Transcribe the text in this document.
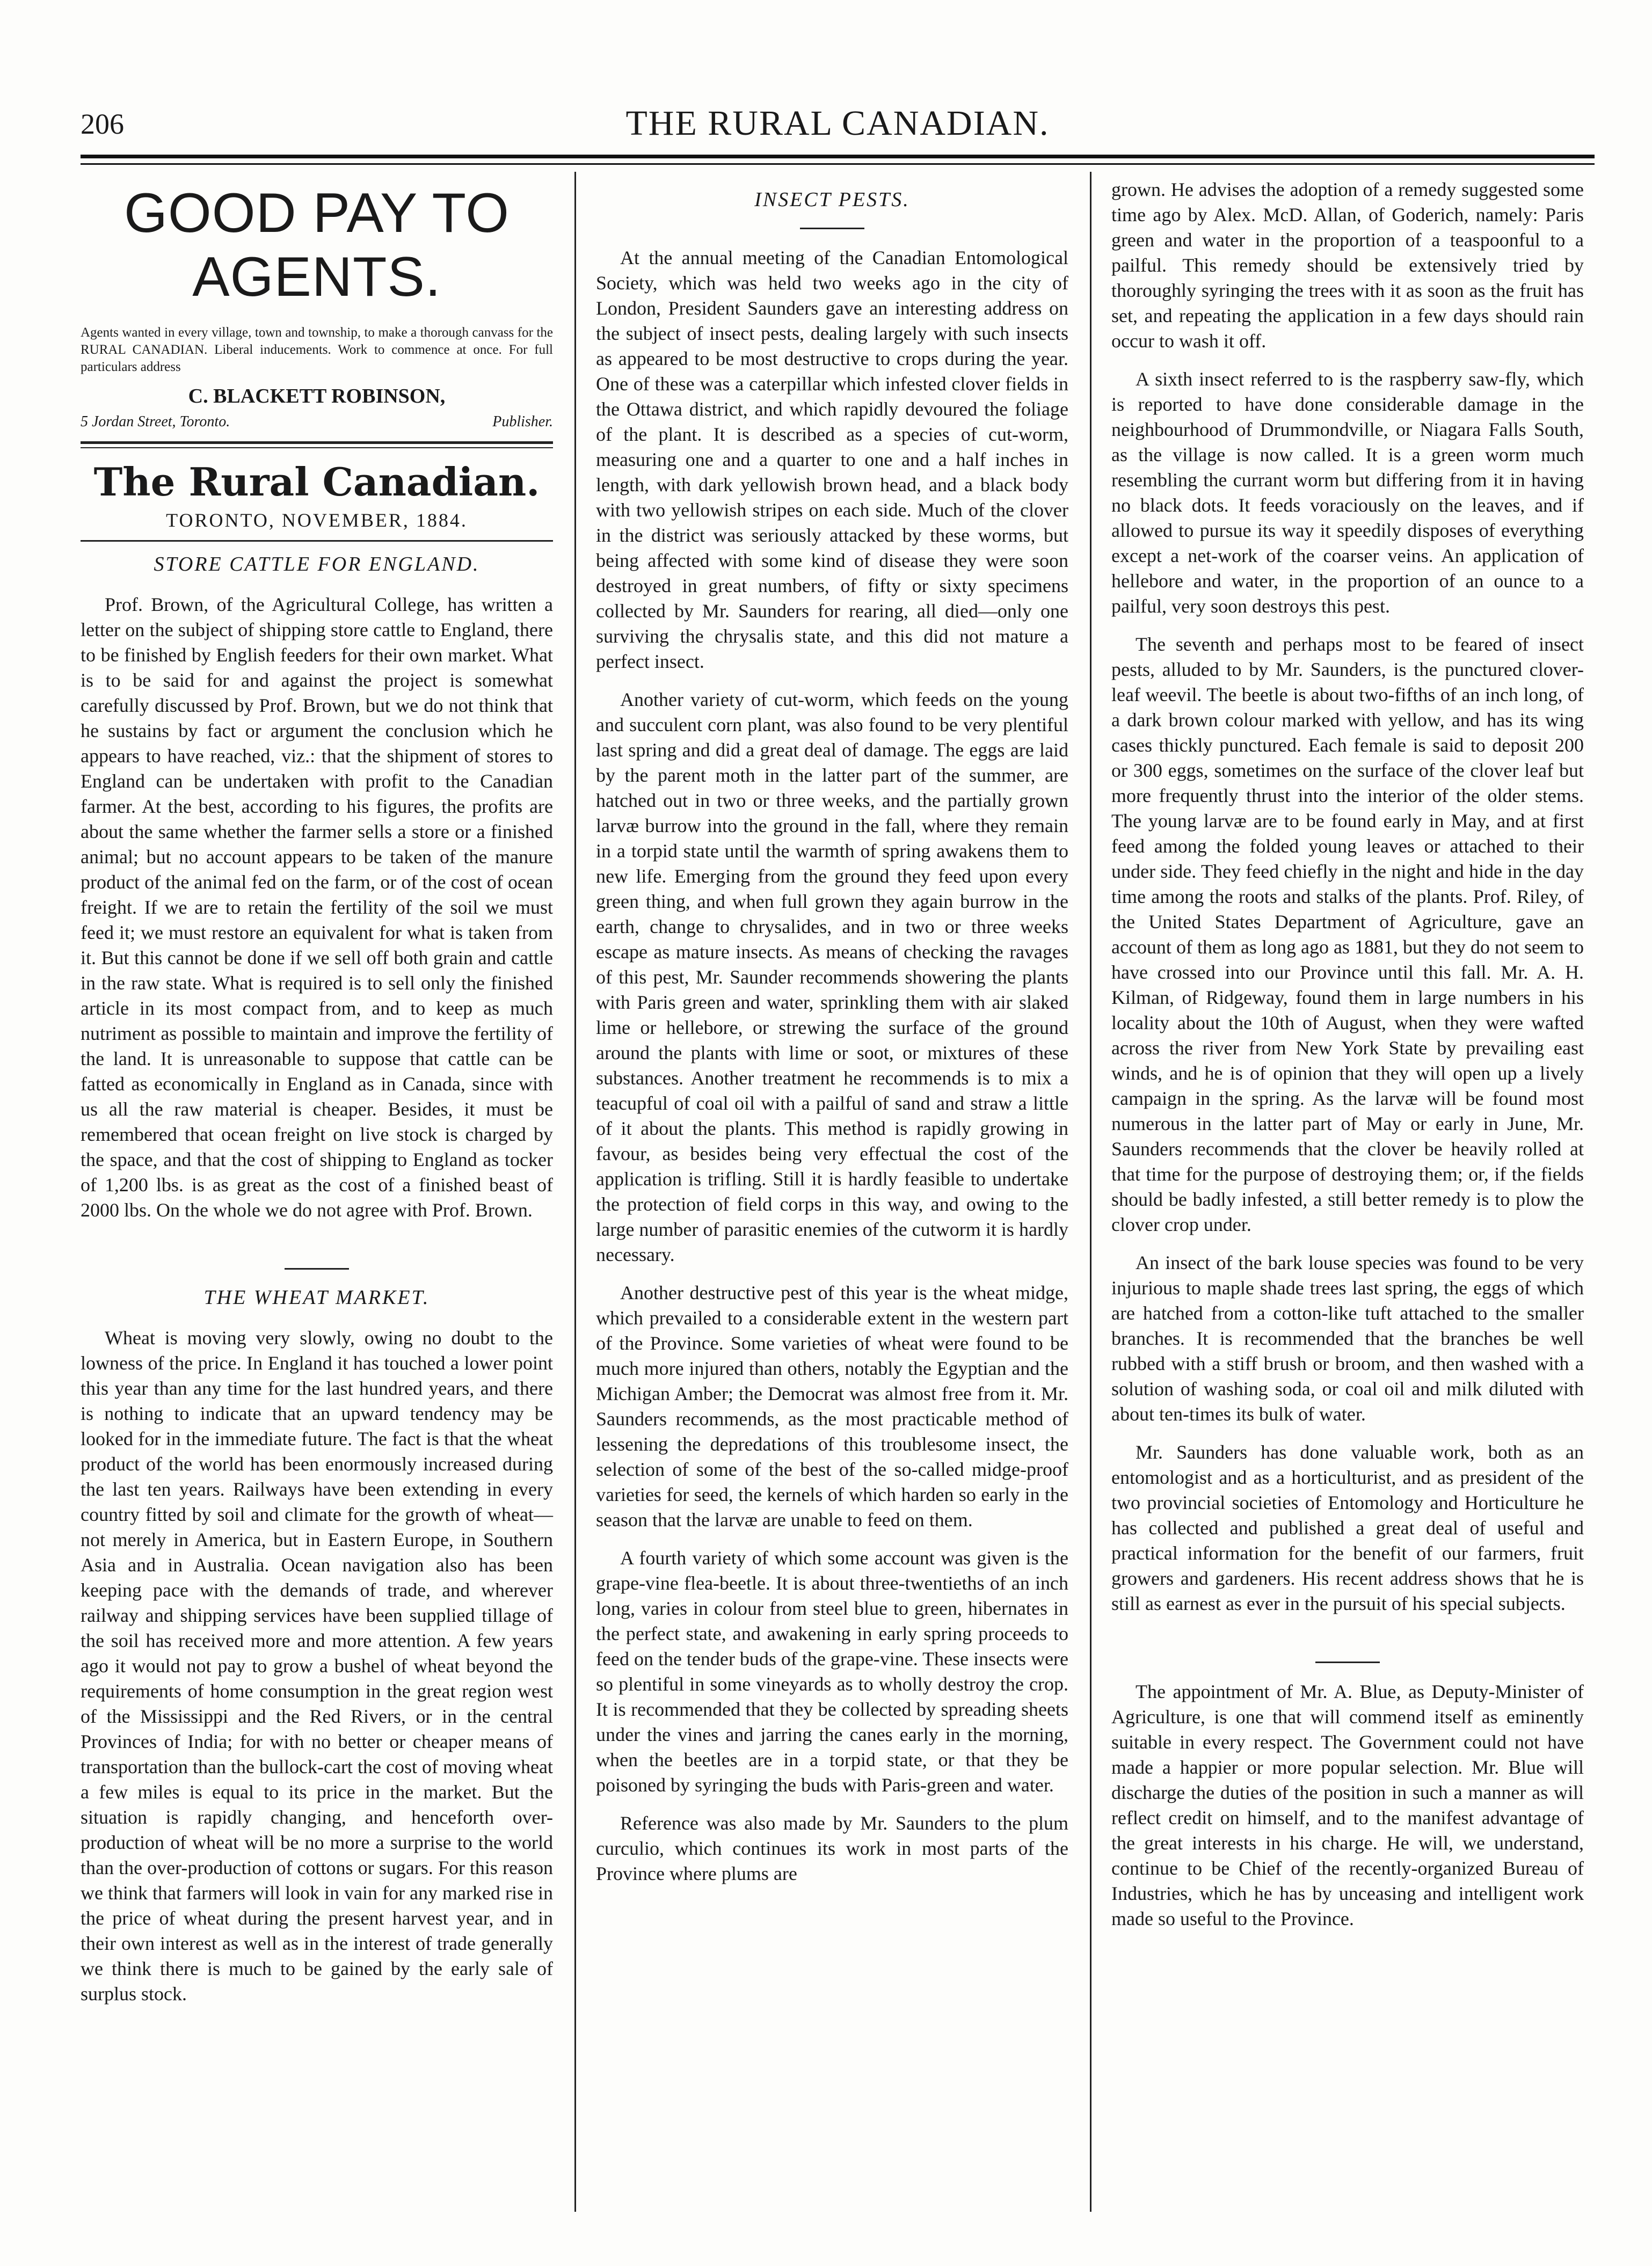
206	THE RURAL CANADIAN.
GOOD PAY TO AGENTS.

Agents wanted in every village, town and township, to make a thorough canvass for the RURAL CANADIAN. Liberal inducements. Work to commence at once. For full particulars address

C. BLACKETT ROBINSON,
5 Jordan Street, Toronto.	Publisher.
The Rural Canadian.
TORONTO, NOVEMBER, 1884.
STORE CATTLE FOR ENGLAND.

Prof. Brown, of the Agricultural College, has written a letter on the subject of shipping store cattle to England, there to be finished by English feeders for their own market. What is to be said for and against the project is somewhat carefully discussed by Prof. Brown, but we do not think that he sustains by fact or argument the conclusion which he appears to have reached, viz.: that the shipment of stores to England can be undertaken with profit to the Canadian farmer. At the best, according to his figures, the profits are about the same whether the farmer sells a store or a finished animal; but no account appears to be taken of the manure product of the animal fed on the farm, or of the cost of ocean freight. If we are to retain the fertility of the soil we must feed it; we must restore an equivalent for what is taken from it. But this cannot be done if we sell off both grain and cattle in the raw state. What is required is to sell only the finished article in its most compact from, and to keep as much nutriment as possible to maintain and improve the fertility of the land. It is unreasonable to suppose that cattle can be fatted as economically in England as in Canada, since with us all the raw material is cheaper. Besides, it must be remembered that ocean freight on live stock is charged by the space, and that the cost of shipping to England as tocker of 1,200 lbs. is as great as the cost of a finished beast of 2000 lbs. On the whole we do not agree with Prof. Brown.

THE WHEAT MARKET.

Wheat is moving very slowly, owing no doubt to the lowness of the price. In England it has touched a lower point this year than any time for the last hundred years, and there is nothing to indicate that an upward tendency may be looked for in the immediate future. The fact is that the wheat product of the world has been enormously increased during the last ten years. Railways have been extending in every country fitted by soil and climate for the growth of wheat—not merely in America, but in Eastern Europe, in Southern Asia and in Australia. Ocean navigation also has been keeping pace with the demands of trade, and wherever railway and shipping services have been supplied tillage of the soil has received more and more attention. A few years ago it would not pay to grow a bushel of wheat beyond the requirements of home consumption in the great region west of the Mississippi and the Red Rivers, or in the central Provinces of India; for with no better or cheaper means of transportation than the bullock-cart the cost of moving wheat a few miles is equal to its price in the market. But the situation is rapidly changing, and henceforth over-production of wheat will be no more a surprise to the world than the over-production of cottons or sugars. For this reason we think that farmers will look in vain for any marked rise in the price of wheat during the present harvest year, and in their own interest as well as in the interest of trade generally we think there is much to be gained by the early sale of surplus stock.

INSECT PESTS.

At the annual meeting of the Canadian Entomological Society, which was held two weeks ago in the city of London, President Saunders gave an interesting address on the subject of insect pests, dealing largely with such insects as appeared to be most destructive to crops during the year. One of these was a caterpillar which infested clover fields in the Ottawa district, and which rapidly devoured the foliage of the plant. It is described as a species of cut-worm, measuring one and a quarter to one and a half inches in length, with dark yellowish brown head, and a black body with two yellowish stripes on each side. Much of the clover in the district was seriously attacked by these worms, but being affected with some kind of disease they were soon destroyed in great numbers, of fifty or sixty specimens collected by Mr. Saunders for rearing, all died—only one surviving the chrysalis state, and this did not mature a perfect insect.

Another variety of cut-worm, which feeds on the young and succulent corn plant, was also found to be very plentiful last spring and did a great deal of damage. The eggs are laid by the parent moth in the latter part of the summer, are hatched out in two or three weeks, and the partially grown larvæ burrow into the ground in the fall, where they remain in a torpid state until the warmth of spring awakens them to new life. Emerging from the ground they feed upon every green thing, and when full grown they again burrow in the earth, change to chrysalides, and in two or three weeks escape as mature insects. As means of checking the ravages of this pest, Mr. Saunder recommends showering the plants with Paris green and water, sprinkling them with air slaked lime or hellebore, or strewing the surface of the ground around the plants with lime or soot, or mixtures of these substances. Another treatment he recommends is to mix a teacupful of coal oil with a pailful of sand and straw a little of it about the plants. This method is rapidly growing in favour, as besides being very effectual the cost of the application is trifling. Still it is hardly feasible to undertake the protection of field corps in this way, and owing to the large number of parasitic enemies of the cutworm it is hardly necessary.

Another destructive pest of this year is the wheat midge, which prevailed to a considerable extent in the western part of the Province. Some varieties of wheat were found to be much more injured than others, notably the Egyptian and the Michigan Amber; the Democrat was almost free from it. Mr. Saunders recommends, as the most practicable method of lessening the depredations of this troublesome insect, the selection of some of the best of the so-called midge-proof varieties for seed, the kernels of which harden so early in the season that the larvæ are unable to feed on them.

A fourth variety of which some account was given is the grape-vine flea-beetle. It is about three-twentieths of an inch long, varies in colour from steel blue to green, hibernates in the perfect state, and awakening in early spring proceeds to feed on the tender buds of the grape-vine. These insects were so plentiful in some vineyards as to wholly destroy the crop. It is recommended that they be collected by spreading sheets under the vines and jarring the canes early in the morning, when the beetles are in a torpid state, or that they be poisoned by syringing the buds with Paris-green and water.

Reference was also made by Mr. Saunders to the plum curculio, which continues its work in most parts of the Province where plums are

grown. He advises the adoption of a remedy suggested some time ago by Alex. McD. Allan, of Goderich, namely: Paris green and water in the proportion of a teaspoonful to a pailful. This remedy should be extensively tried by thoroughly syringing the trees with it as soon as the fruit has set, and repeating the application in a few days should rain occur to wash it off.

A sixth insect referred to is the raspberry saw-fly, which is reported to have done considerable damage in the neighbourhood of Drummondville, or Niagara Falls South, as the village is now called. It is a green worm much resembling the currant worm but differing from it in having no black dots. It feeds voraciously on the leaves, and if allowed to pursue its way it speedily disposes of everything except a net-work of the coarser veins. An application of hellebore and water, in the proportion of an ounce to a pailful, very soon destroys this pest.

The seventh and perhaps most to be feared of insect pests, alluded to by Mr. Saunders, is the punctured clover-leaf weevil. The beetle is about two-fifths of an inch long, of a dark brown colour marked with yellow, and has its wing cases thickly punctured. Each female is said to deposit 200 or 300 eggs, sometimes on the surface of the clover leaf but more frequently thrust into the interior of the older stems. The young larvæ are to be found early in May, and at first feed among the folded young leaves or attached to their under side. They feed chiefly in the night and hide in the day time among the roots and stalks of the plants. Prof. Riley, of the United States Department of Agriculture, gave an account of them as long ago as 1881, but they do not seem to have crossed into our Province until this fall. Mr. A. H. Kilman, of Ridgeway, found them in large numbers in his locality about the 10th of August, when they were wafted across the river from New York State by prevailing east winds, and he is of opinion that they will open up a lively campaign in the spring. As the larvæ will be found most numerous in the latter part of May or early in June, Mr. Saunders recommends that the clover be heavily rolled at that time for the purpose of destroying them; or, if the fields should be badly infested, a still better remedy is to plow the clover crop under.

An insect of the bark louse species was found to be very injurious to maple shade trees last spring, the eggs of which are hatched from a cotton-like tuft attached to the smaller branches. It is recommended that the branches be well rubbed with a stiff brush or broom, and then washed with a solution of washing soda, or coal oil and milk diluted with about ten-times its bulk of water.

Mr. Saunders has done valuable work, both as an entomologist and as a horticulturist, and as president of the two provincial societies of Entomology and Horticulture he has collected and published a great deal of useful and practical information for the benefit of our farmers, fruit growers and gardeners. His recent address shows that he is still as earnest as ever in the pursuit of his special subjects.

The appointment of Mr. A. Blue, as Deputy-Minister of Agriculture, is one that will commend itself as eminently suitable in every respect. The Government could not have made a happier or more popular selection. Mr. Blue will discharge the duties of the position in such a manner as will reflect credit on himself, and to the manifest advantage of the great interests in his charge. He will, we understand, continue to be Chief of the recently-organized Bureau of Industries, which he has by unceasing and intelligent work made so useful to the Province.
